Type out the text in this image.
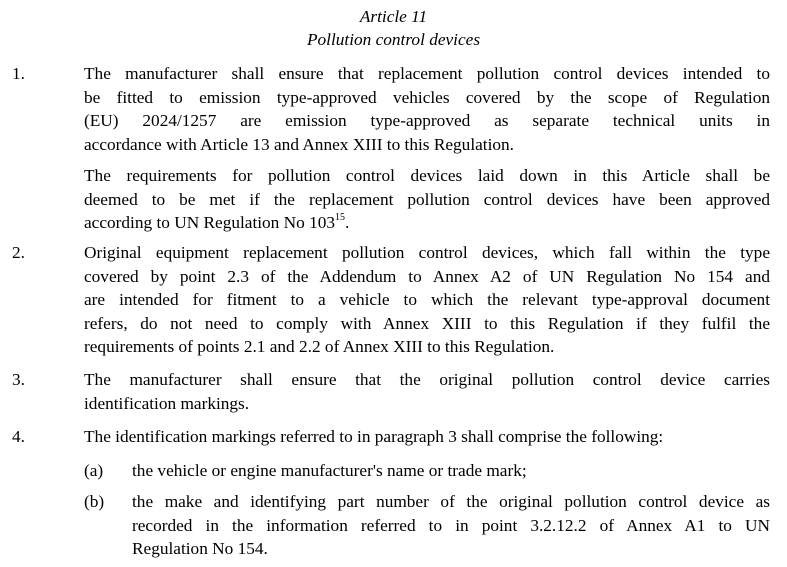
Article 11
Pollution control devices
1.	The manufacturer shall ensure that replacement pollution control devices intended to
be fitted to emission type-approved vehicles covered by the scope of Regulation
(EU) 2024/1257 are emission type-approved as separate technical units in
accordance with Article 13 and Annex XIII to this Regulation.
The requirements for pollution control devices laid down in this Article shall be
deemed to be met if the replacement pollution control devices have been approved
according to UN Regulation No $103^{15}$.
2.	Original equipment replacement pollution control devices, which fall within the type
covered by point 2.3 of the Addendum to Annex A2 of UN Regulation No 154 and
are intended for fitment to a vehicle to which the relevant type-approval document
refers, do not need to comply with Annex XIII to this Regulation if they fulfil the
requirements of points 2.1 and 2.2 of Annex XIII to this Regulation.
3.	The manufacturer shall ensure that the original pollution control device carries
identification markings.
4.	The identification markings referred to in paragraph 3 shall comprise the following:
(a) the vehicle or engine manufacturer's name or trade mark;
(b) the make and identifying part number of the original pollution control device as
recorded in the information referred to in point 3.2.12.2 of Annex A1 to UN
Regulation No 154.
